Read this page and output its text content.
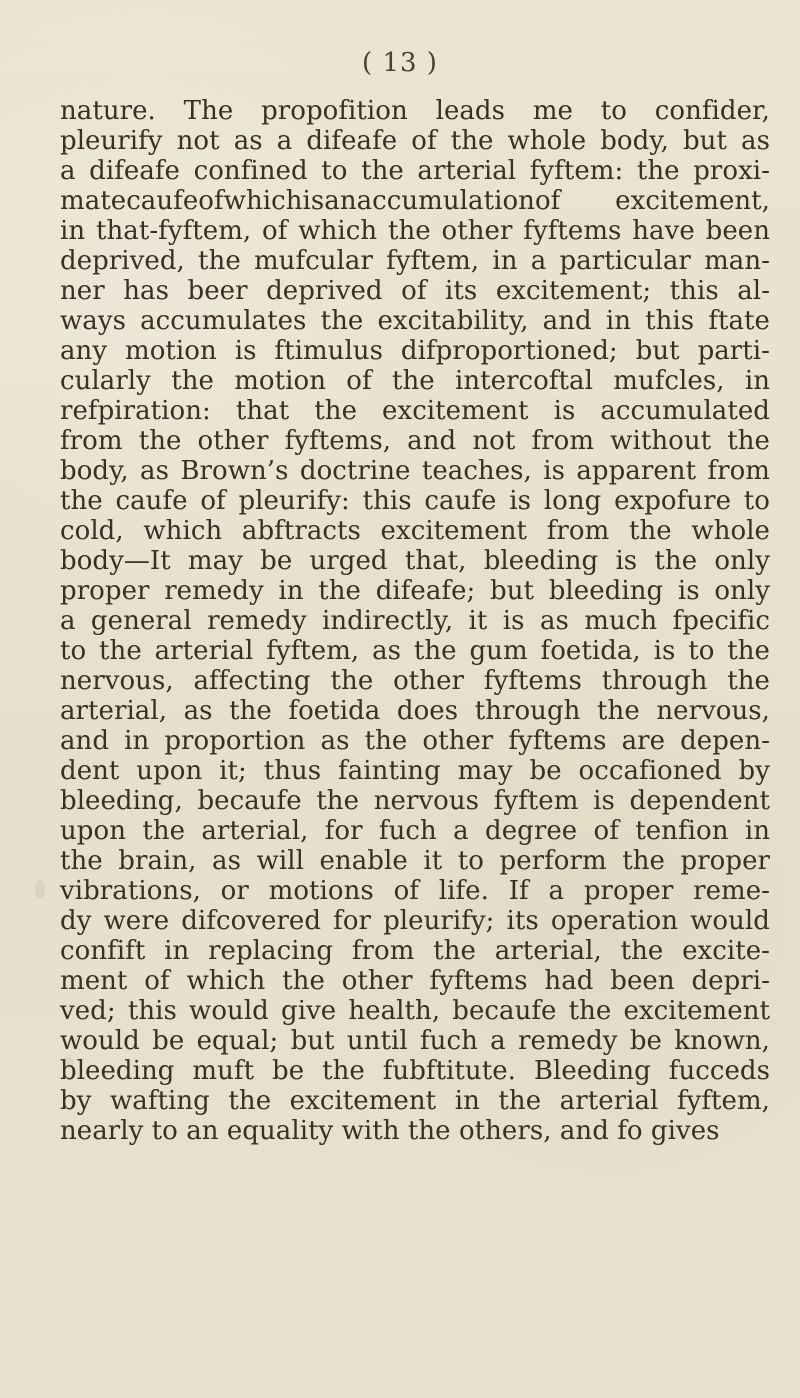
( 13 )
nature. The propofition leads me to confider,
pleurify not as a difeafe of the whole body, but as
a difeafe confined to the arterial fyftem: the proxi-
matecaufeofwhichisanaccumulationof excitement,
in that-fyftem, of which the other fyftems have been
deprived, the mufcular fyftem, in a particular man-
ner has beer deprived of its excitement; this al-
ways accumulates the excitability, and in this ftate
any motion is ftimulus difproportioned; but parti-
cularly the motion of the intercoftal mufcles, in
refpiration: that the excitement is accumulated
from the other fyftems, and not from without the
body, as Brown’s doctrine teaches, is apparent from
the caufe of pleurify: this caufe is long expofure to
cold, which abftracts excitement from the whole
body—It may be urged that, bleeding is the only
proper remedy in the difeafe; but bleeding is only
a general remedy indirectly, it is as much fpecific
to the arterial fyftem, as the gum foetida, is to the
nervous, affecting the other fyftems through the
arterial, as the foetida does through the nervous,
and in proportion as the other fyftems are depen-
dent upon it; thus fainting may be occafioned by
bleeding, becaufe the nervous fyftem is dependent
upon the arterial, for fuch a degree of tenfion in
the brain, as will enable it to perform the proper
vibrations, or motions of life. If a proper reme-
dy were difcovered for pleurify; its operation would
confift in replacing from the arterial, the excite-
ment of which the other fyftems had been depri-
ved; this would give health, becaufe the excitement
would be equal; but until fuch a remedy be known,
bleeding muft be the fubftitute. Bleeding fucceds
by wafting the excitement in the arterial fyftem,
nearly to an equality with the others, and fo gives
